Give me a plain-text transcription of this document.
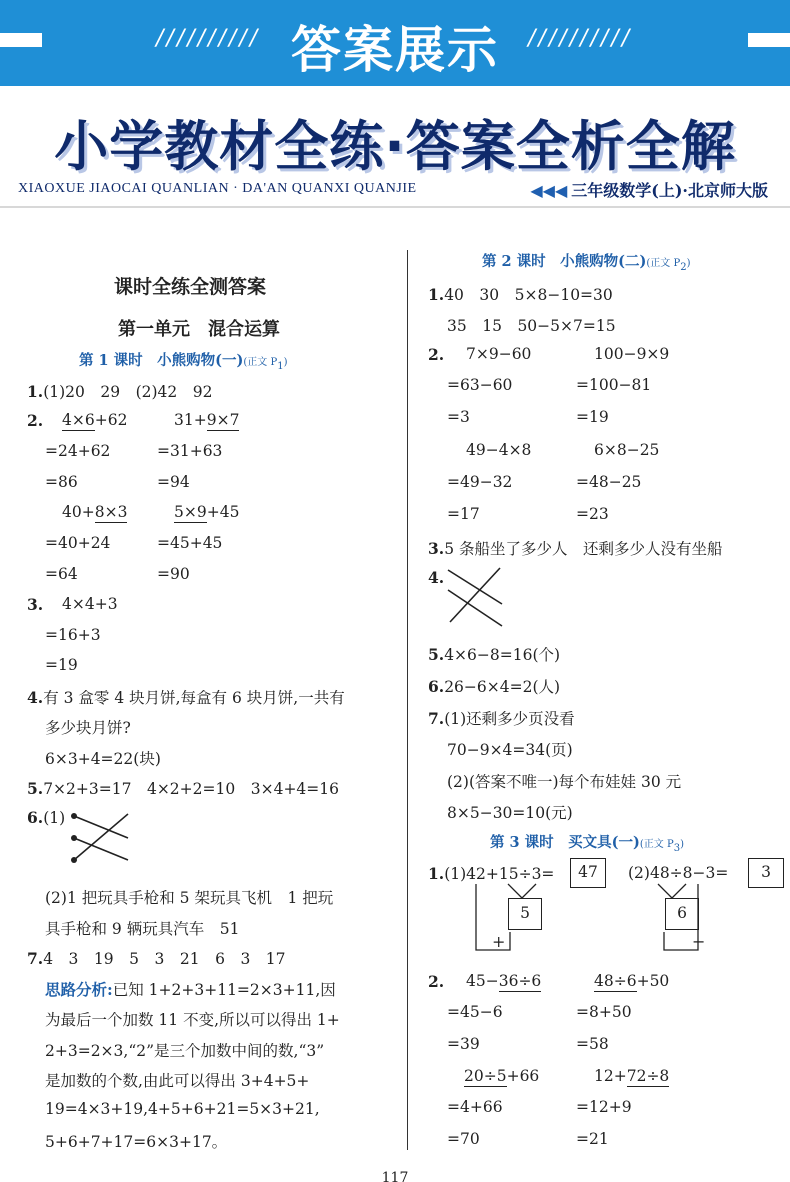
////////// 答案展示	//////////
小学教材全练·答案全析全解
XIAOXUE JIAOCAI QUANLIAN · DA'AN QUANXI QUANJIE	◀◀◀ 三年级数学(上)·北京师大版
课时全练全测答案
第一单元　混合运算
第 1 课时　小熊购物(一)(正文 $P_1$)
1.(1)20　29　(2)42　92
2. 4×6+62	31+9×7
=24+62	=31+63
=86	=94
40+8×3	5×9+45
=40+24	=45+45
=64	=90
3. 4×4+3
=16+3
=19
4.有 3 盒零 4 块月饼,每盒有 6 块月饼,一共有
多少块月饼?
6×3+4=22(块)
5.7×2+3=17　4×2+2=10　3×4+4=16
6.(1)
(2)1 把玩具手枪和 5 架玩具飞机　1 把玩
具手枪和 9 辆玩具汽车　51
7.4　3　19　5　3　21　6　3　17
思路分析:已知 1+2+3+11=2×3+11,因
为最后一个加数 11 不变,所以可以得出 1+
2+3=2×3,“2”是三个加数中间的数,“3”
是加数的个数,由此可以得出 3+4+5+
19=4×3+19,4+5+6+21=5×3+21,
5+6+7+17=6×3+17。
第 2 课时　小熊购物(二)(正文 $P_2$)
1.40　30　5×8−10=30
35　15　50−5×7=15
2. 7×9−60	100−9×9
=63−60	=100−81
=3	=19
49−4×8	6×8−25
=49−32	=48−25
=17	=23
3.5 条船坐了多少人　还剩多少人没有坐船
4.
5.4×6−8=16(个)
6.26−6×4=2(人)
7.(1)还剩多少页没看
70−9×4=34(页)
(2)(答案不唯一)每个布娃娃 30 元
8×5−30=10(元)
第 3 课时　买文具(一)(正文 $P_3$)
1.(1)42+15÷3=	47	(2)48÷8−3=	3
5
+
6
−
2. 45−36÷6	48÷6+50
=45−6	=8+50
=39	=58
20÷5+66	12+72÷8
=4+66	=12+9
=70	=21
117
